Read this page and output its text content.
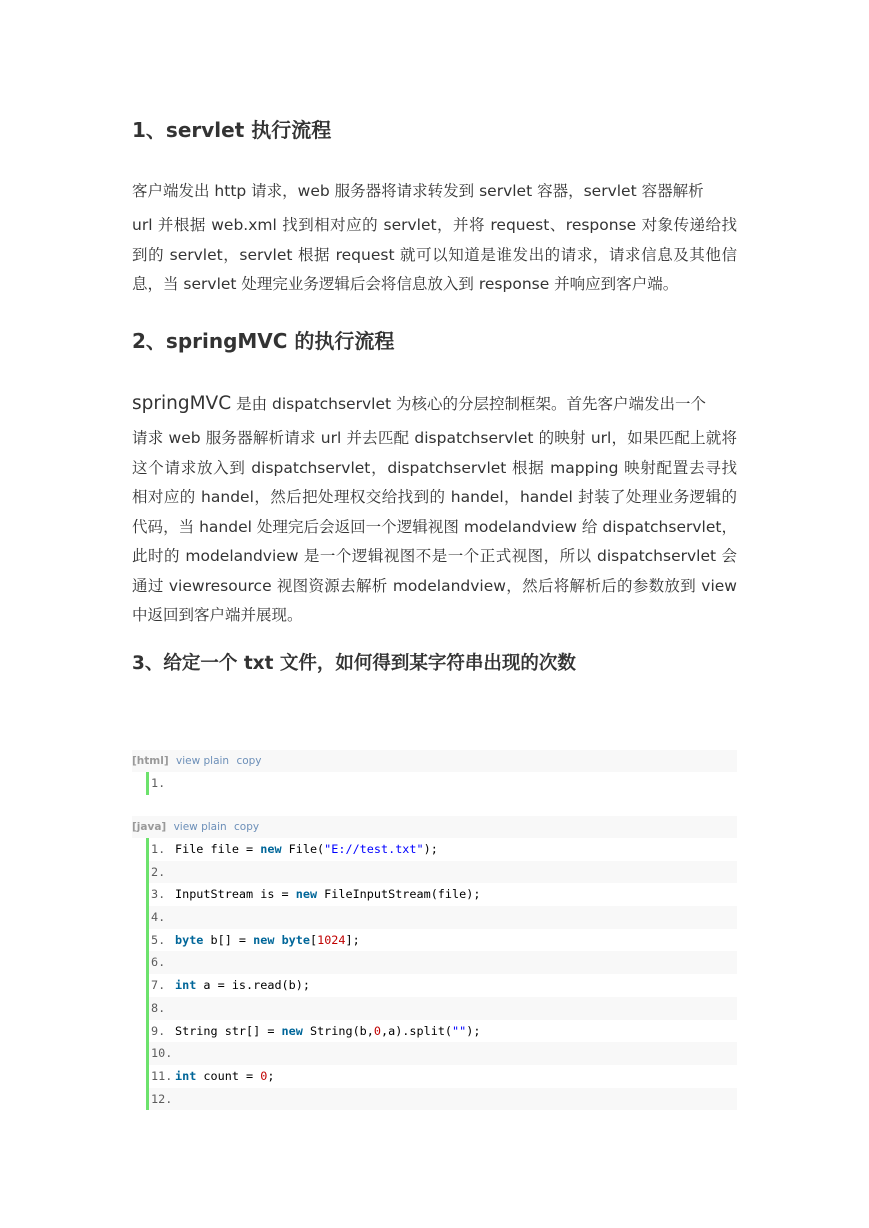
1、servlet 执行流程
客户端发出 http 请求，web 服务器将请求转发到 servlet 容器，servlet 容器解析
url 并根据 web.xml 找到相对应的 servlet，并将 request、response 对象传递给找到的 servlet，servlet 根据 request 就可以知道是谁发出的请求，请求信息及其他信息，当 servlet 处理完业务逻辑后会将信息放入到 response 并响应到客户端。
2、springMVC 的执行流程
springMVC 是由 dispatchservlet 为核心的分层控制框架。首先客户端发出一个
请求 web 服务器解析请求 url 并去匹配 dispatchservlet 的映射 url，如果匹配上就将这个请求放入到 dispatchservlet，dispatchservlet 根据 mapping 映射配置去寻找相对应的 handel，然后把处理权交给找到的 handel，handel 封装了处理业务逻辑的代码，当 handel 处理完后会返回一个逻辑视图 modelandview 给 dispatchservlet，此时的 modelandview 是一个逻辑视图不是一个正式视图，所以 dispatchservlet 会通过 viewresource 视图资源去解析 modelandview，然后将解析后的参数放到 view 中返回到客户端并展现。
3、给定一个 txt 文件，如何得到某字符串出现的次数
[html] view plain copy
1.
[java] view plain copy
1. File file = new File("E://test.txt");
2.
3. InputStream is = new FileInputStream(file);
4.
5. byte b[] = new byte[1024];
6.
7. int a = is.read(b);
8.
9. String str[] = new String(b,0,a).split("");
10.
11. int count = 0;
12.
